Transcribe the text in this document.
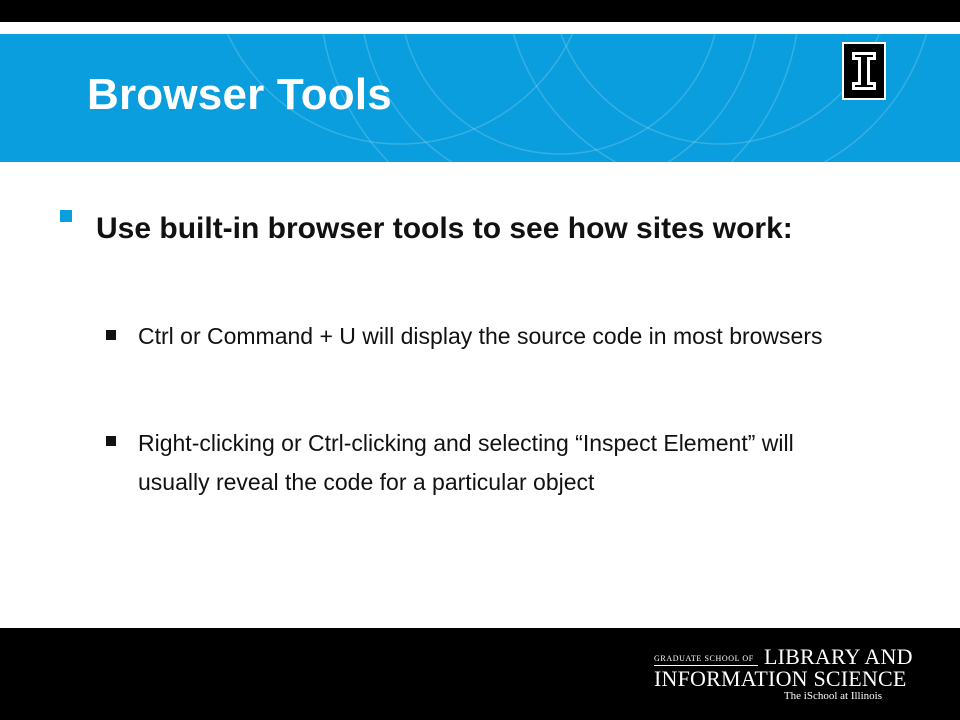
Browser Tools

Use built-in browser tools to see how sites work:

Ctrl or Command + U will display the source code in most browsers

Right-clicking or Ctrl-clicking and selecting “Inspect Element” will usually reveal the code for a particular object

GRADUATE SCHOOL OF LIBRARY AND
INFORMATION SCIENCE
The iSchool at Illinois
